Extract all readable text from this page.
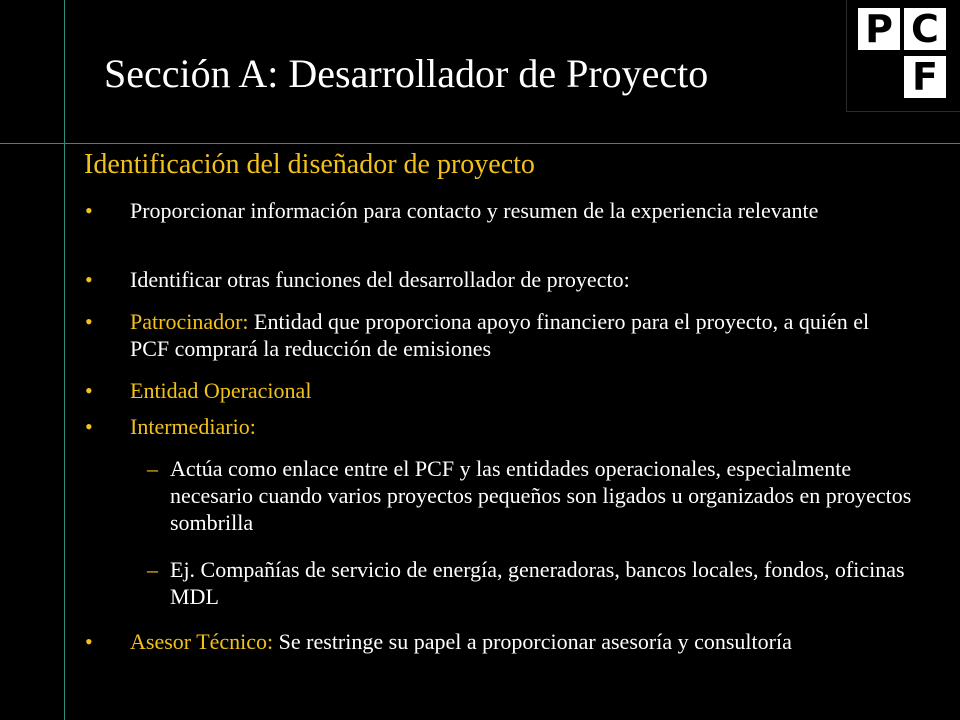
Sección A: Desarrollador de Proyecto
P C
F
Identificación del diseñador de proyecto
• Proporcionar información para contacto y resumen de la experiencia relevante
• Identificar otras funciones del desarrollador de proyecto:
• Patrocinador: Entidad que proporciona apoyo financiero para el proyecto, a quién el PCF comprará la reducción de emisiones
• Entidad Operacional
• Intermediario:
– Actúa como enlace entre el PCF y las entidades operacionales, especialmente necesario cuando varios proyectos pequeños son ligados u organizados en proyectos sombrilla
– Ej. Compañías de servicio de energía, generadoras, bancos locales, fondos, oficinas MDL
• Asesor Técnico: Se restringe su papel a proporcionar asesoría y consultoría
